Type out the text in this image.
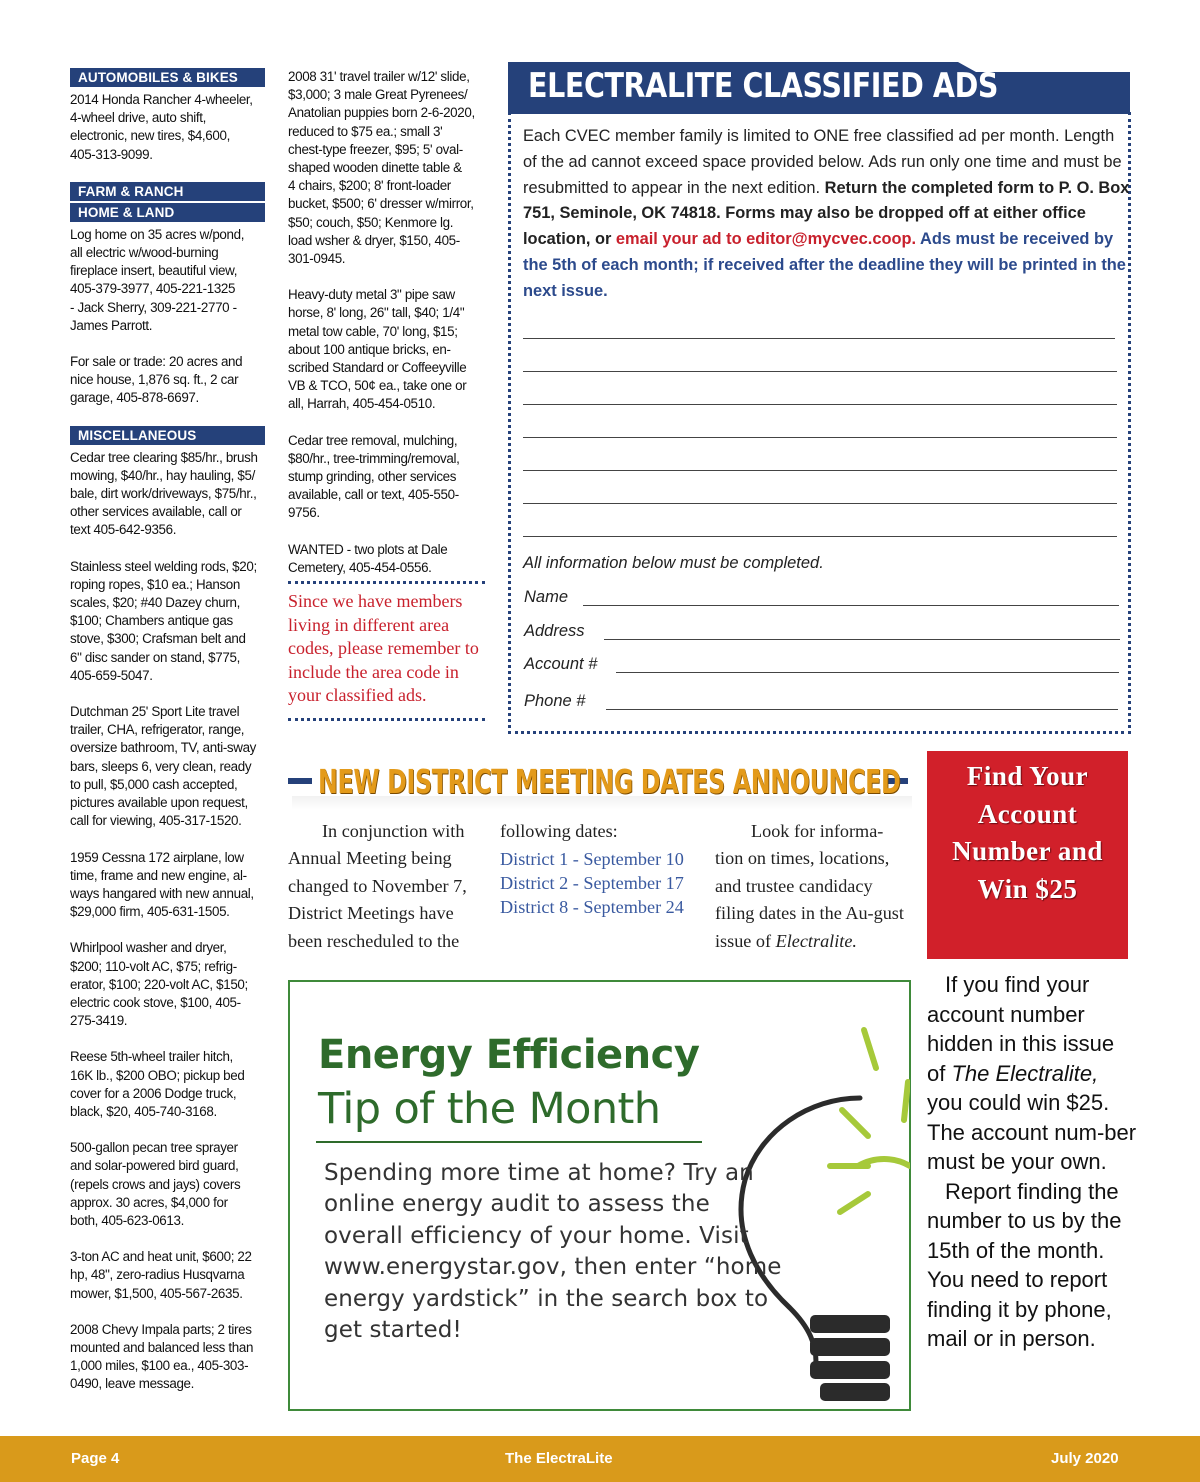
AUTOMOBILES & BIKES
2014 Honda Rancher 4-wheeler,
4-wheel drive, auto shift,
electronic, new tires, $4,600,
405-313-9099.
FARM & RANCH
HOME & LAND
Log home on 35 acres w/pond,
all electric w/wood-burning
fireplace insert, beautiful view,
405-379-3977, 405-221-1325
- Jack Sherry, 309-221-2770 -
James Parrott.
For sale or trade: 20 acres and
nice house, 1,876 sq. ft., 2 car
garage, 405-878-6697.
MISCELLANEOUS
Cedar tree clearing $85/hr., brush
mowing, $40/hr., hay hauling, $5/
bale, dirt work/driveways, $75/hr.,
other services available, call or
text 405-642-9356.
Stainless steel welding rods, $20;
roping ropes, $10 ea.; Hanson
scales, $20; #40 Dazey churn,
$100; Chambers antique gas
stove, $300; Crafsman belt and
6" disc sander on stand, $775,
405-659-5047.
Dutchman 25' Sport Lite travel
trailer, CHA, refrigerator, range,
oversize bathroom, TV, anti-sway
bars, sleeps 6, very clean, ready
to pull, $5,000 cash accepted,
pictures available upon request,
call for viewing, 405-317-1520.
1959 Cessna 172 airplane, low
time, frame and new engine, al-
ways hangared with new annual,
$29,000 firm, 405-631-1505.
Whirlpool washer and dryer,
$200; 110-volt AC, $75; refrig-
erator, $100; 220-volt AC, $150;
electric cook stove, $100, 405-
275-3419.
Reese 5th-wheel trailer hitch,
16K lb., $200 OBO; pickup bed
cover for a 2006 Dodge truck,
black, $20, 405-740-3168.
500-gallon pecan tree sprayer
and solar-powered bird guard,
(repels crows and jays) covers
approx. 30 acres, $4,000 for
both, 405-623-0613.
3-ton AC and heat unit, $600; 22
hp, 48", zero-radius Husqvarna
mower, $1,500, 405-567-2635.
2008 Chevy Impala parts; 2 tires
mounted and balanced less than
1,000 miles, $100 ea., 405-303-
0490, leave message.
2008 31' travel trailer w/12' slide,
$3,000; 3 male Great Pyrenees/
Anatolian puppies born 2-6-2020,
reduced to $75 ea.; small 3'
chest-type freezer, $95; 5' oval-
shaped wooden dinette table &
4 chairs, $200; 8' front-loader
bucket, $500; 6' dresser w/mirror,
$50; couch, $50; Kenmore lg.
load wsher & dryer, $150, 405-
301-0945.
Heavy-duty metal 3" pipe saw
horse, 8' long, 26" tall, $40; 1/4"
metal tow cable, 70' long, $15;
about 100 antique bricks, en-
scribed Standard or Coffeeyville
VB & TCO, 50¢ ea., take one or
all, Harrah, 405-454-0510.
Cedar tree removal, mulching,
$80/hr., tree-trimming/removal,
stump grinding, other services
available, call or text, 405-550-
9756.
WANTED - two plots at Dale
Cemetery, 405-454-0556.
Since we have members living in different area codes, please remember to include the area code in your classified ads.
ELECTRALITE CLASSIFIED ADS
Each CVEC member family is limited to ONE free classified ad per month. Length of the ad cannot exceed space provided below. Ads run only one time and must be resubmitted to appear in the next edition. Return the completed form to P. O. Box 751, Seminole, OK 74818. Forms may also be dropped off at either office location, or email your ad to editor@mycvec.coop. Ads must be received by the 5th of each month; if received after the deadline they will be printed in the next issue.
All information below must be completed.
Name
Address
Account #
Phone #
NEW DISTRICT MEETING DATES ANNOUNCED
In conjunction with Annual Meeting being changed to November 7, District Meetings have been rescheduled to the
following dates:
District 1 - September 10
District 2 - September 17
District 8 - September 24
Look for informa-tion on times, locations, and trustee candidacy filing dates in the Au-gust issue of Electralite.
Find Your Account Number and Win $25

If you find your account number hidden in this issue of The Electralite, you could win $25. The account num-ber must be your own.

Report finding the number to us by the 15th of the month. You need to report finding it by phone, mail or in person.

Energy Efficiency
Tip of the Month
Spending more time at home? Try an online energy audit to assess the overall efficiency of your home. Visit www.energystar.gov, then enter “home energy yardstick” in the search box to get started!
Page 4	The ElectraLite	July 2020
